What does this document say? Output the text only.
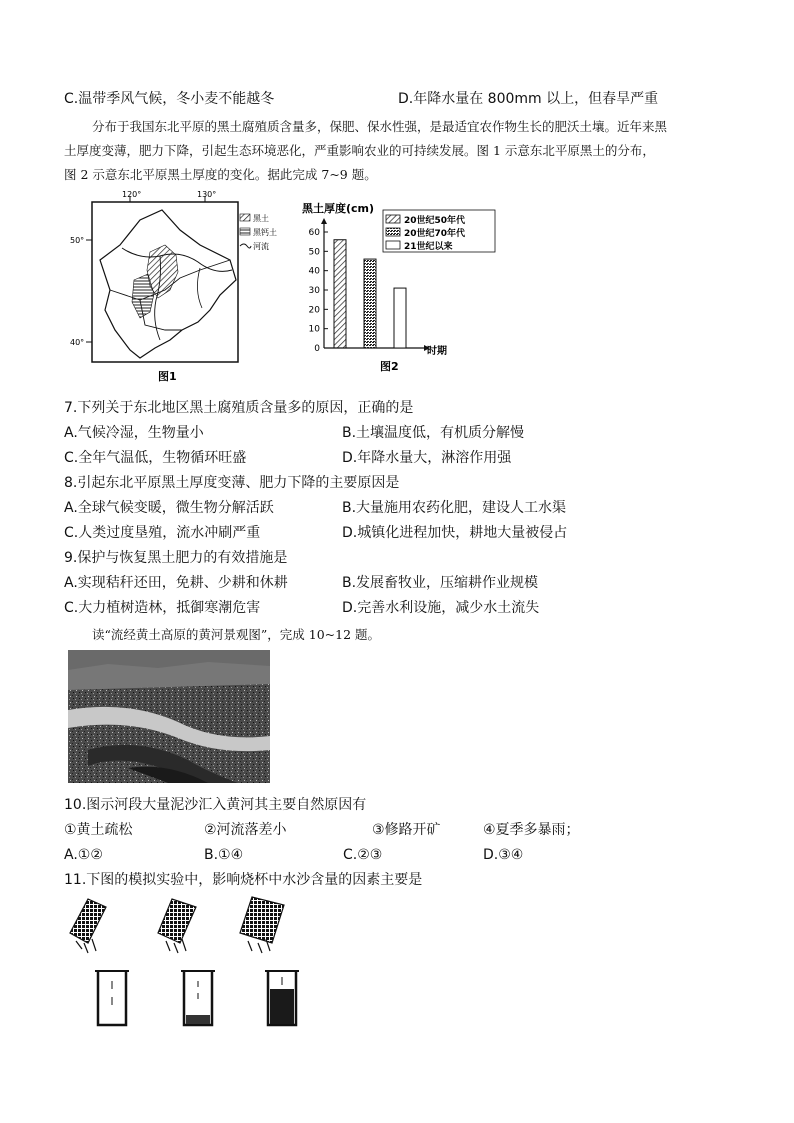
C.温带季风气候，冬小麦不能越冬	D.年降水量在 800mm 以上，但春旱严重
分布于我国东北平原的黑土腐殖质含量多，保肥、保水性强，是最适宜农作物生长的肥沃土壤。近年来黑
土厚度变薄，肥力下降，引起生态环境恶化，严重影响农业的可持续发展。图 1 示意东北平原黑土的分布，
图 2 示意东北平原黑土厚度的变化。据此完成 7~9 题。
120°	130°
50°
40°
黑土
黑钙土
河流
图1
黑土厚度(cm)
0
10
20
30
40
50
60
20世纪50年代
20世纪70年代
21世纪以来
时期
图2
7.下列关于东北地区黑土腐殖质含量多的原因，正确的是
A.气候冷湿，生物量小	B.土壤温度低，有机质分解慢
C.全年气温低，生物循环旺盛	D.年降水量大，淋溶作用强
8.引起东北平原黑土厚度变薄、肥力下降的主要原因是
A.全球气候变暖，微生物分解活跃	B.大量施用农药化肥，建设人工水渠
C.人类过度垦殖，流水冲刷严重	D.城镇化进程加快，耕地大量被侵占
9.保护与恢复黑土肥力的有效措施是
A.实现秸秆还田，免耕、少耕和休耕	B.发展畜牧业，压缩耕作业规模
C.大力植树造林，抵御寒潮危害	D.完善水利设施，减少水土流失
读“流经黄土高原的黄河景观图”，完成 10~12 题。
10.图示河段大量泥沙汇入黄河其主要自然原因有
①黄土疏松	②河流落差小	③修路开矿	④夏季多暴雨；
A.①②	B.①④	C.②③	D.③④
11.下图的模拟实验中，影响烧杯中水沙含量的因素主要是
